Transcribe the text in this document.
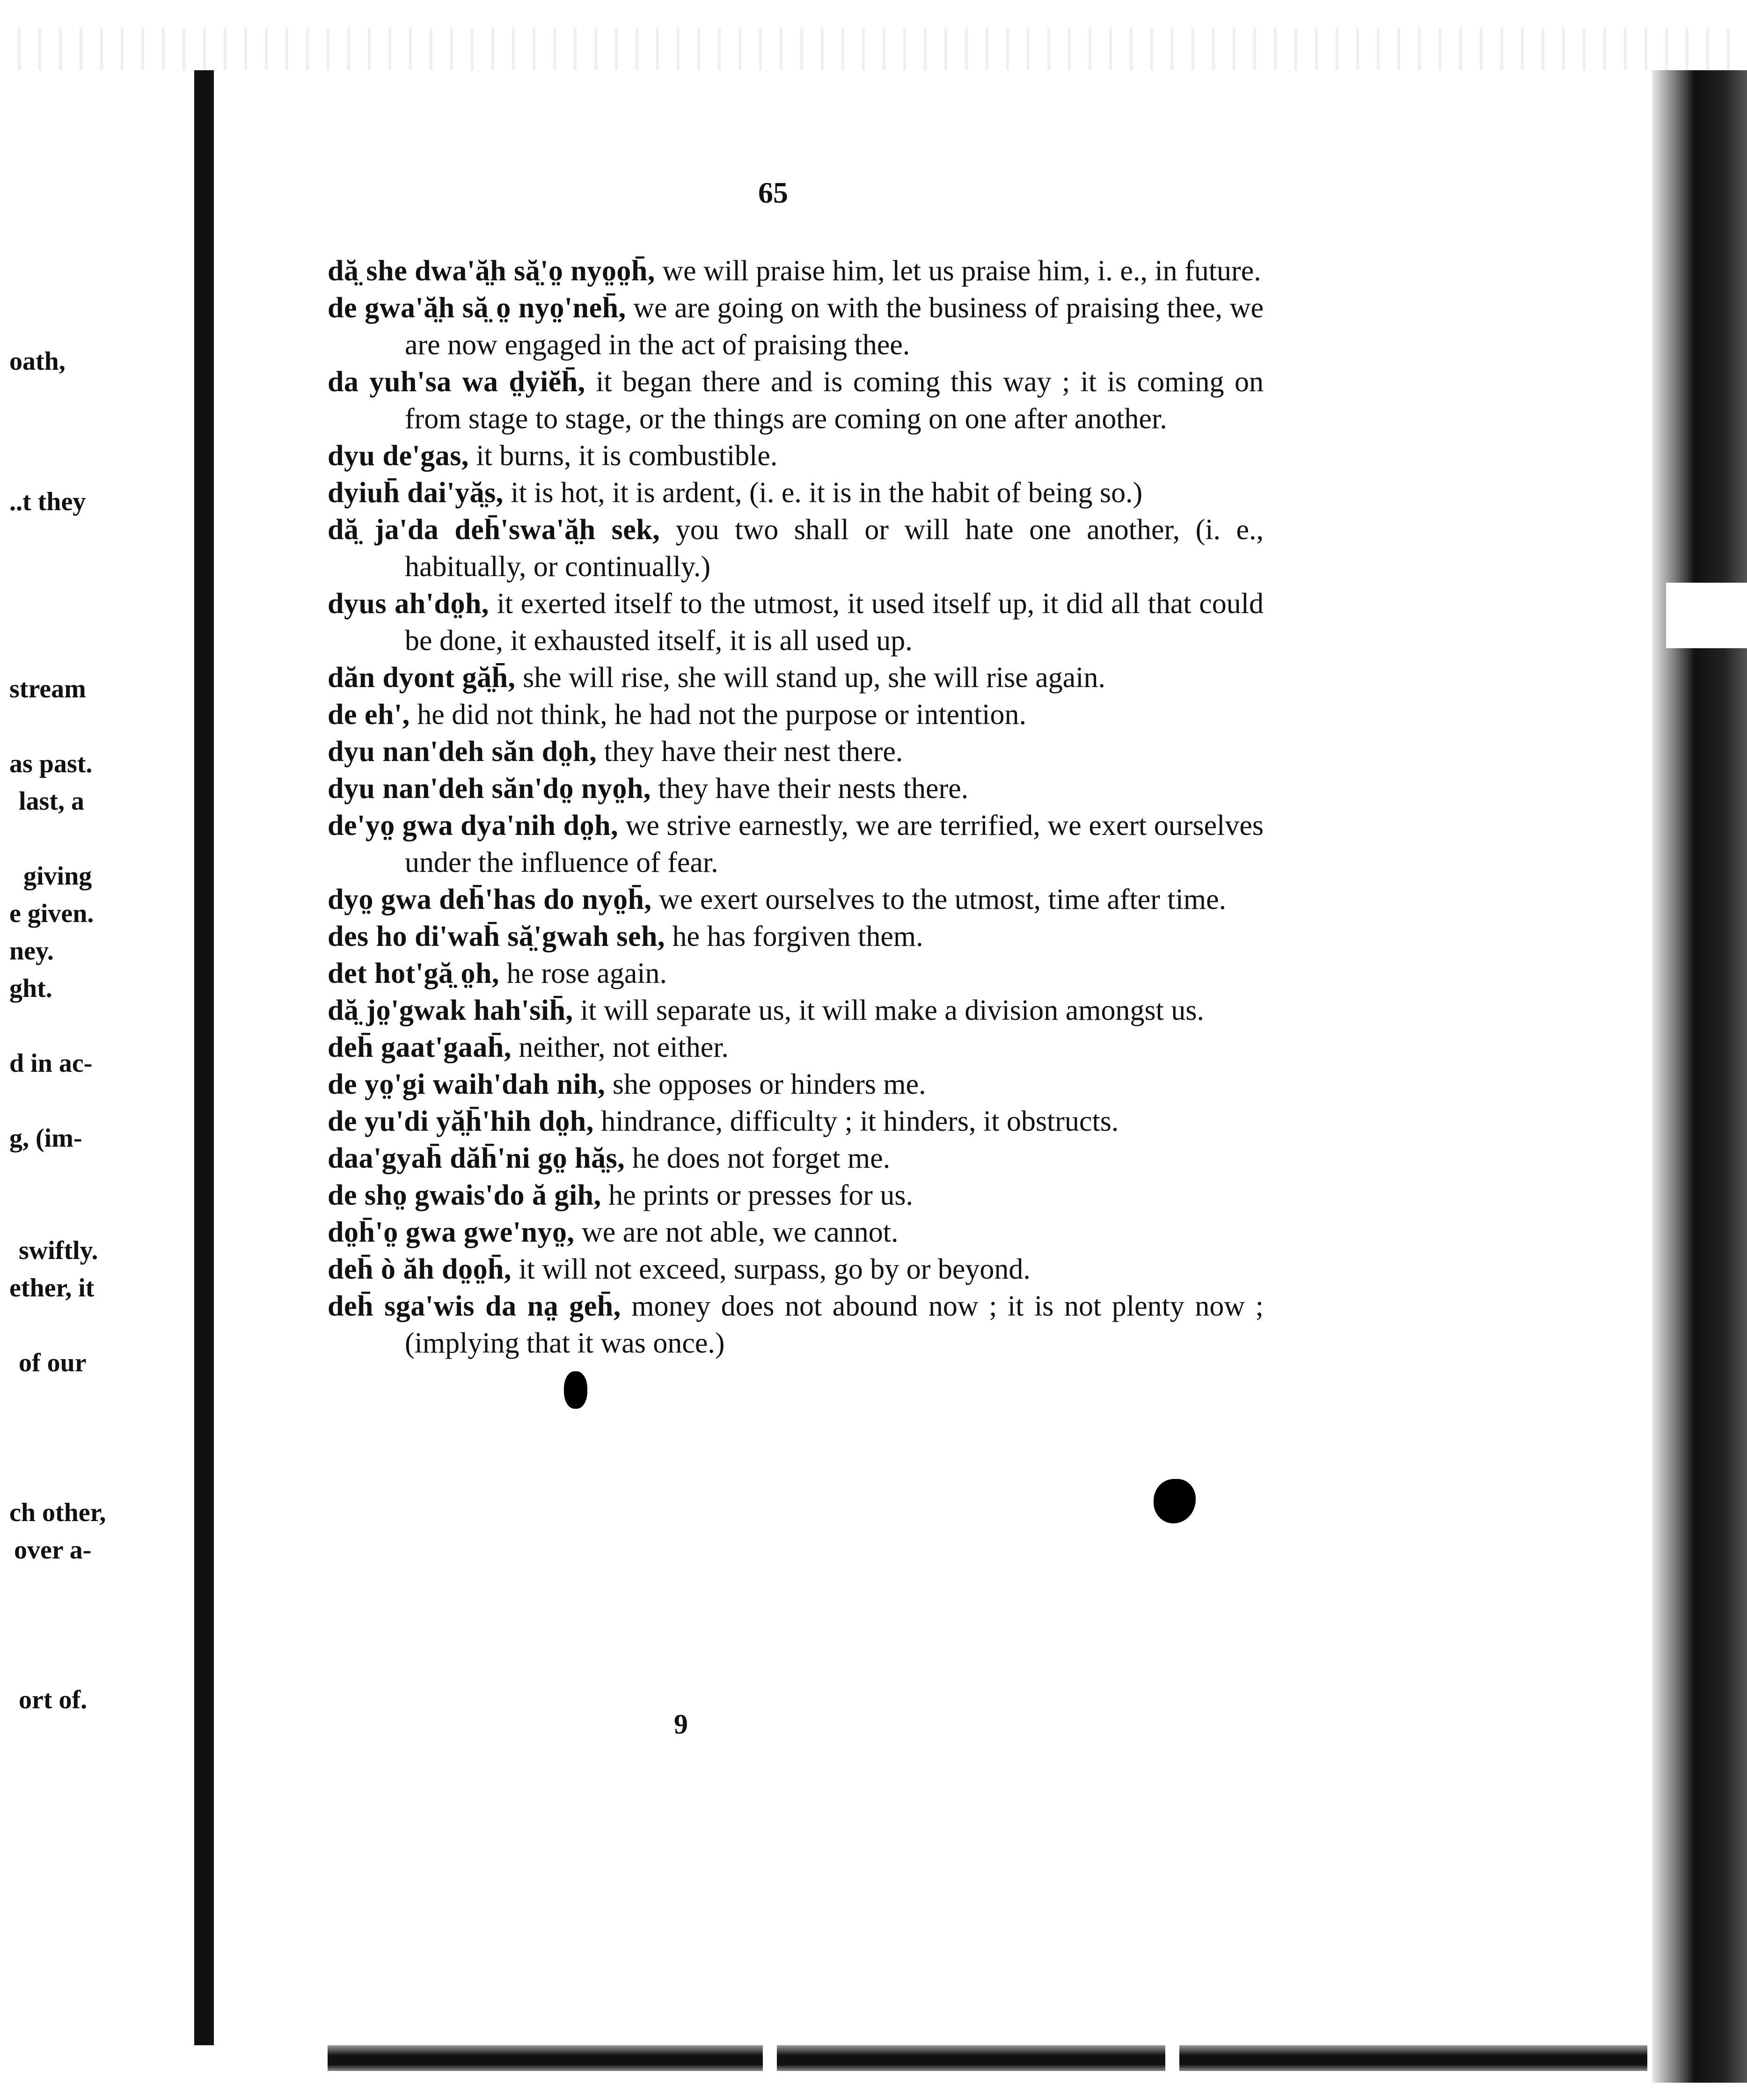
oath,
..t they
stream
as past.
last, a
giving
e given.
ney.
ght.
d in ac-
g, (im-
swiftly.
ether, it
of our
ch other,
over a-
ort of.
65
dă̤ she dwa'ă̤h să̤'o̤ nyo̤o̤h̄, we will praise him, let us praise him, i. e., in future.
de gwa'ă̤h să̤ o̤ nyo̤'neh̄, we are going on with the business of praising thee, we are now engaged in the act of praising thee.
da yuh'sa wa d̤yiĕh̄, it began there and is coming this way ; it is coming on from stage to stage, or the things are coming on one after another.
dyu de'gas, it burns, it is combustible.
dyiuh̄ dai'yă̤s, it is hot, it is ardent, (i. e. it is in the habit of being so.)
dă̤ ja'da deh̄'swa'ă̤h sek, you two shall or will hate one another, (i. e., habitually, or continually.)
dyus ah'do̤h, it exerted itself to the utmost, it used itself up, it did all that could be done, it exhausted itself, it is all used up.
dăn dyont gă̤h̄, she will rise, she will stand up, she will rise again.
de eh', he did not think, he had not the purpose or intention.
dyu nan'deh săn do̤h, they have their nest there.
dyu nan'deh săn'do̤ nyo̤h, they have their nests there.
de'yo̤ gwa dya'nih do̤h, we strive earnestly, we are terrified, we exert ourselves under the influence of fear.
dyo̤ gwa deh̄'has do nyo̤h̄, we exert ourselves to the utmost, time after time.
des ho di'wah̄ să̤'gwah seh, he has forgiven them.
det hot'gă̤ o̤h, he rose again.
dă̤ jo̤'gwak hah'sih̄, it will separate us, it will make a division amongst us.
deh̄ gaat'gaah̄, neither, not either.
de yo̤'gi waih'dah nih, she opposes or hinders me.
de yu'di yă̤h̄'hih do̤h, hindrance, difficulty ; it hinders, it obstructs.
daa'gyah̄ dăh̄'ni go̤ hă̤s, he does not forget me.
de sho̤ gwais'do ă gih, he prints or presses for us.
do̤h̄'o̤ gwa gwe'nyo̤, we are not able, we cannot.
deh̄ ò ăh do̤o̤h̄, it will not exceed, surpass, go by or beyond.
deh̄ sga'wis da na̤ geh̄, money does not abound now ; it is not plenty now ; (implying that it was once.)
9
